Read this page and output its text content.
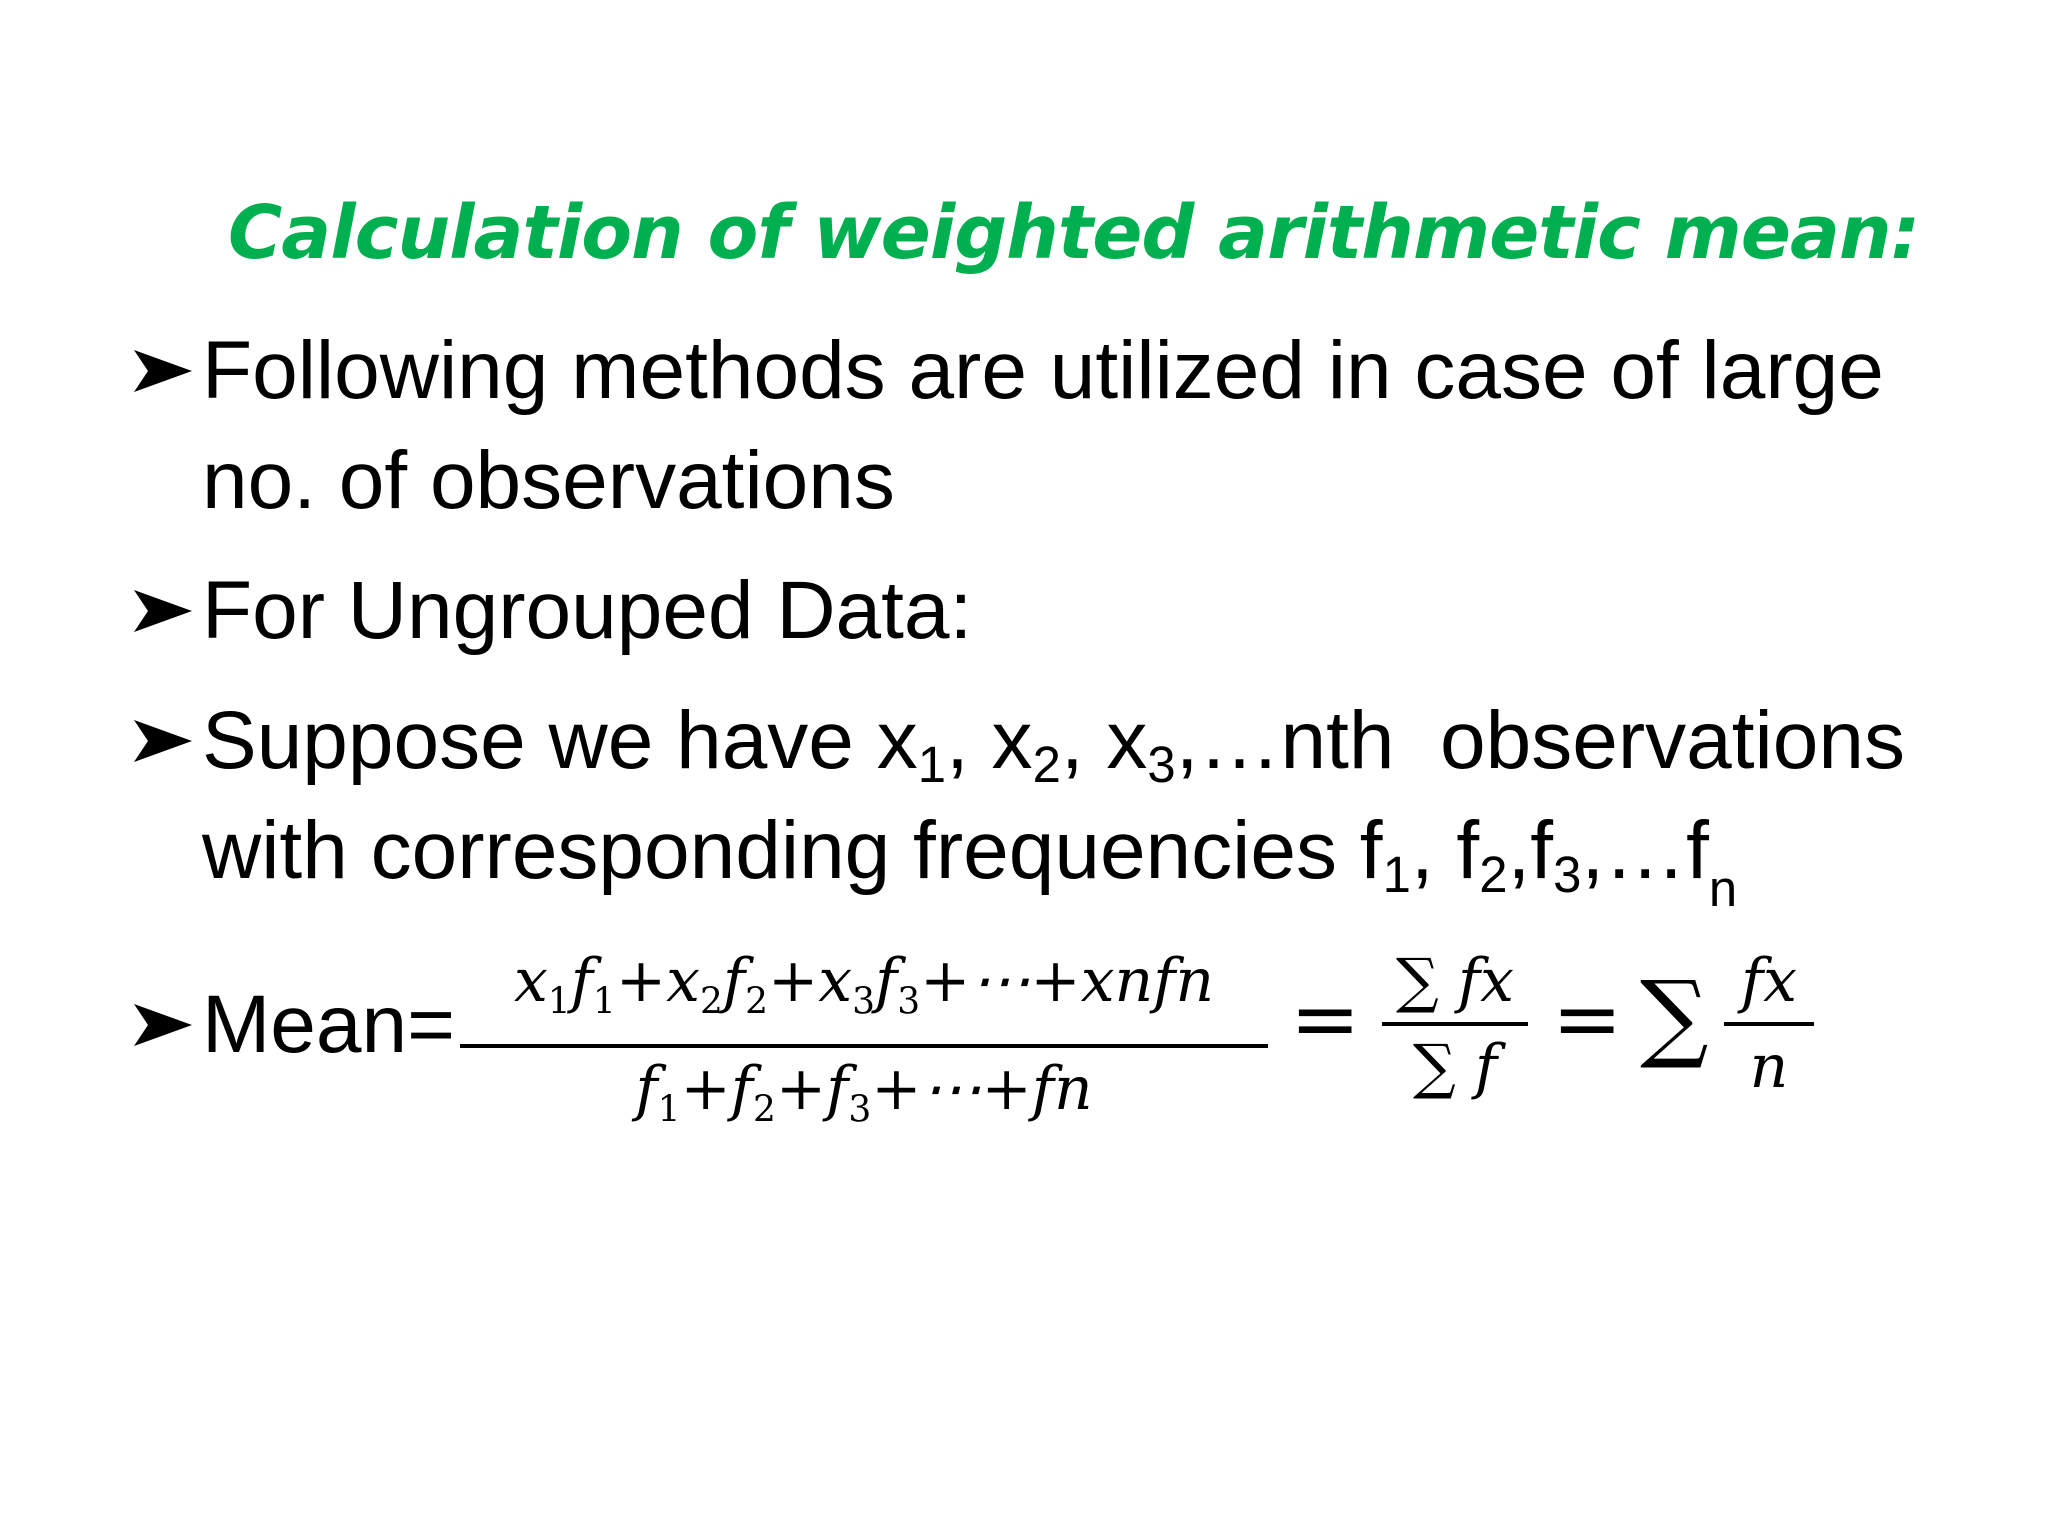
Calculation of weighted arithmetic mean:
Following methods are utilized in case of large
no. of observations
For Ungrouped Data:
Suppose we have $x_1$, $x_2$, $x_3,\dots nth$  observations
with corresponding frequencies $f_1$, $f_2,f_3,\dots f_n$
Mean= $x_1f_1+x_2f_2+x_3f_3+\cdots+xnfn$
$f_1+f_2+f_3+\cdots+fn$
= ∑ fx
∑ f = ∑ fx
n
